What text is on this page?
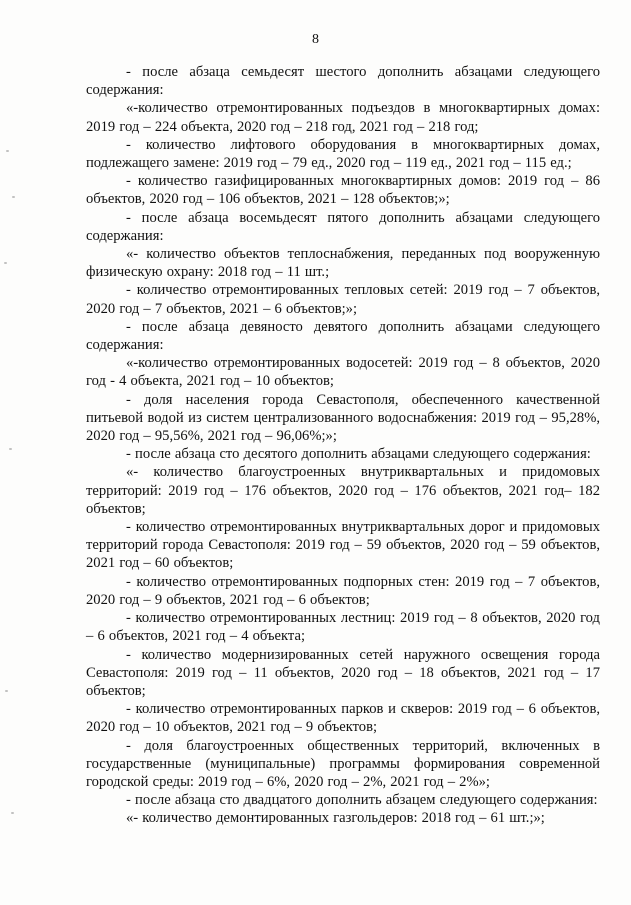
8

- после абзаца семьдесят шестого дополнить абзацами следующего содержания:

«-количество отремонтированных подъездов в многоквартирных домах: 2019 год – 224 объекта, 2020 год – 218 год, 2021 год – 218 год;

- количество лифтового оборудования в многоквартирных домах, подлежащего замене: 2019 год – 79 ед., 2020 год – 119 ед., 2021 год – 115 ед.;

- количество газифицированных многоквартирных домов: 2019 год – 86 объектов, 2020 год – 106 объектов, 2021 – 128 объектов;»;

- после абзаца восемьдесят пятого дополнить абзацами следующего содержания:

«- количество объектов теплоснабжения, переданных под вооруженную физическую охрану: 2018 год – 11 шт.;

- количество отремонтированных тепловых сетей: 2019 год – 7 объектов, 2020 год – 7 объектов, 2021 – 6 объектов;»;

- после абзаца девяносто девятого дополнить абзацами следующего содержания:

«-количество отремонтированных водосетей: 2019 год – 8 объектов, 2020 год - 4 объекта, 2021 год – 10 объектов;

- доля населения города Севастополя, обеспеченного качественной питьевой водой из систем централизованного водоснабжения: 2019 год – 95,28%, 2020 год – 95,56%, 2021 год – 96,06%;»;

- после абзаца сто десятого дополнить абзацами следующего содержания:

«- количество благоустроенных внутриквартальных и придомовых территорий: 2019 год – 176 объектов, 2020 год – 176 объектов, 2021 год– 182 объектов;

- количество отремонтированных внутриквартальных дорог и придомовых территорий города Севастополя: 2019 год – 59 объектов, 2020 год – 59 объектов, 2021 год – 60 объектов;

- количество отремонтированных подпорных стен: 2019 год – 7 объектов, 2020 год – 9 объектов, 2021 год – 6 объектов;

- количество отремонтированных лестниц: 2019 год – 8 объектов, 2020 год – 6 объектов, 2021 год – 4 объекта;

- количество модернизированных сетей наружного освещения города Севастополя: 2019 год – 11 объектов, 2020 год – 18 объектов, 2021 год – 17 объектов;

- количество отремонтированных парков и скверов: 2019 год – 6 объектов, 2020 год – 10 объектов, 2021 год – 9 объектов;

- доля благоустроенных общественных территорий, включенных в государственные (муниципальные) программы формирования современной городской среды: 2019 год – 6%, 2020 год – 2%, 2021 год – 2%»;

- после абзаца сто двадцатого дополнить абзацем следующего содержания:

«- количество демонтированных газгольдеров: 2018 год – 61 шт.;»;
